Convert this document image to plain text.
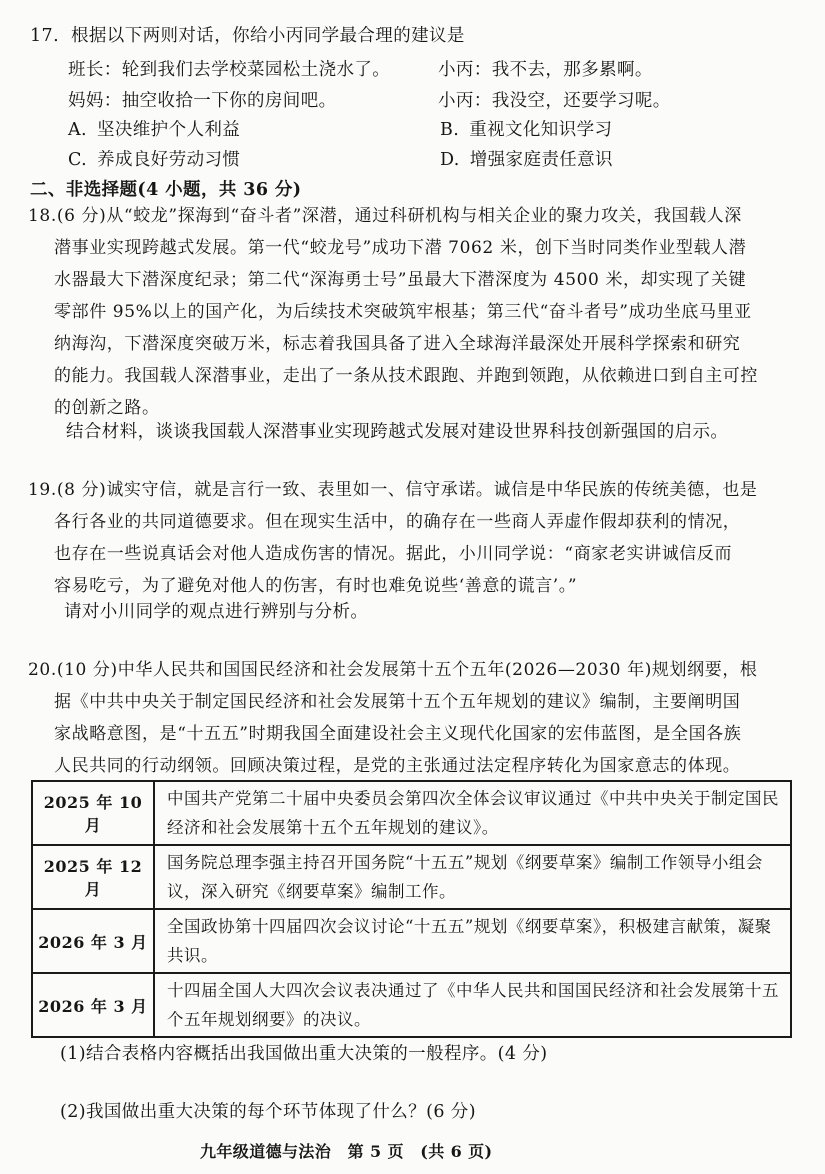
17. 根据以下两则对话，你给小丙同学最合理的建议是
班长：轮到我们去学校菜园松土浇水了。	小丙：我不去，那多累啊。
妈妈：抽空收拾一下你的房间吧。	小丙：我没空，还要学习呢。
A. 坚决维护个人利益	B. 重视文化知识学习
C. 养成良好劳动习惯	D. 增强家庭责任意识
二、非选择题(4 小题，共 36 分)
18.(6 分)从“蛟龙”探海到“奋斗者”深潜，通过科研机构与相关企业的聚力攻关，我国载人深
潜事业实现跨越式发展。第一代“蛟龙号”成功下潜 7062 米，创下当时同类作业型载人潜
水器最大下潜深度纪录；第二代“深海勇士号”虽最大下潜深度为 4500 米，却实现了关键
零部件 95%以上的国产化，为后续技术突破筑牢根基；第三代“奋斗者号”成功坐底马里亚
纳海沟，下潜深度突破万米，标志着我国具备了进入全球海洋最深处开展科学探索和研究
的能力。我国载人深潜事业，走出了一条从技术跟跑、并跑到领跑，从依赖进口到自主可控
的创新之路。
结合材料，谈谈我国载人深潜事业实现跨越式发展对建设世界科技创新强国的启示。
19.(8 分)诚实守信，就是言行一致、表里如一、信守承诺。诚信是中华民族的传统美德，也是
各行各业的共同道德要求。但在现实生活中，的确存在一些商人弄虚作假却获利的情况，
也存在一些说真话会对他人造成伤害的情况。据此，小川同学说：“商家老实讲诚信反而
容易吃亏，为了避免对他人的伤害，有时也难免说些‘善意的谎言’。”
请对小川同学的观点进行辨别与分析。
20.(10 分)中华人民共和国国民经济和社会发展第十五个五年(2026—2030 年)规划纲要，根
据《中共中央关于制定国民经济和社会发展第十五个五年规划的建议》编制，主要阐明国
家战略意图，是“十五五”时期我国全面建设社会主义现代化国家的宏伟蓝图，是全国各族
人民共同的行动纲领。回顾决策过程，是党的主张通过法定程序转化为国家意志的体现。
2025 年 10 月	中国共产党第二十届中央委员会第四次全体会议审议通过《中共中央关于制定国民经济和社会发展第十五个五年规划的建议》。
2025 年 12 月	国务院总理李强主持召开国务院“十五五”规划《纲要草案》编制工作领导小组会议，深入研究《纲要草案》编制工作。
2026 年 3 月	全国政协第十四届四次会议讨论“十五五”规划《纲要草案》，积极建言献策，凝聚共识。
2026 年 3 月	十四届全国人大四次会议表决通过了《中华人民共和国国民经济和社会发展第十五个五年规划纲要》的决议。
(1)结合表格内容概括出我国做出重大决策的一般程序。(4 分)
(2)我国做出重大决策的每个环节体现了什么？(6 分)
九年级道德与法治　第 5 页　(共 6 页)
